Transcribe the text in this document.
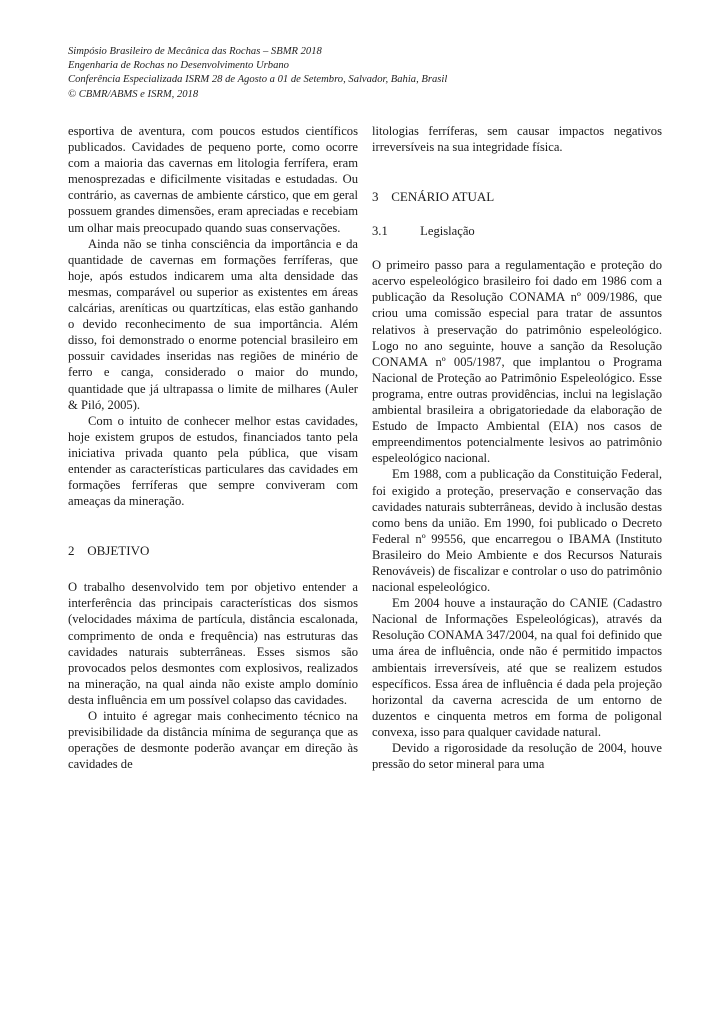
Simpósio Brasileiro de Mecânica das Rochas – SBMR 2018
Engenharia de Rochas no Desenvolvimento Urbano
Conferência Especializada ISRM 28 de Agosto a 01 de Setembro, Salvador, Bahia, Brasil
© CBMR/ABMS e ISRM, 2018

esportiva de aventura, com poucos estudos científicos publicados. Cavidades de pequeno porte, como ocorre com a maioria das cavernas em litologia ferrífera, eram menosprezadas e dificilmente visitadas e estudadas. Ou contrário, as cavernas de ambiente cárstico, que em geral possuem grandes dimensões, eram apreciadas e recebiam um olhar mais preocupado quando suas conservações.

Ainda não se tinha consciência da importância e da quantidade de cavernas em formações ferríferas, que hoje, após estudos indicarem uma alta densidade das mesmas, comparável ou superior as existentes em áreas calcárias, areníticas ou quartzíticas, elas estão ganhando o devido reconhecimento de sua importância. Além disso, foi demonstrado o enorme potencial brasileiro em possuir cavidades inseridas nas regiões de minério de ferro e canga, considerado o maior do mundo, quantidade que já ultrapassa o limite de milhares (Auler & Piló, 2005).

Com o intuito de conhecer melhor estas cavidades, hoje existem grupos de estudos, financiados tanto pela iniciativa privada quanto pela pública, que visam entender as características particulares das cavidades em formações ferríferas que sempre conviveram com ameaças da mineração.

2 OBJETIVO

O trabalho desenvolvido tem por objetivo entender a interferência das principais características dos sismos (velocidades máxima de partícula, distância escalonada, comprimento de onda e frequência) nas estruturas das cavidades naturais subterrâneas. Esses sismos são provocados pelos desmontes com explosivos, realizados na mineração, na qual ainda não existe amplo domínio desta influência em um possível colapso das cavidades.

O intuito é agregar mais conhecimento técnico na previsibilidade da distância mínima de segurança que as operações de desmonte poderão avançar em direção às cavidades de

litologias ferríferas, sem causar impactos negativos irreversíveis na sua integridade física.

3 CENÁRIO ATUAL
3.1	Legislação

O primeiro passo para a regulamentação e proteção do acervo espeleológico brasileiro foi dado em 1986 com a publicação da Resolução CONAMA nº 009/1986, que criou uma comissão especial para tratar de assuntos relativos à preservação do patrimônio espeleológico. Logo no ano seguinte, houve a sanção da Resolução CONAMA nº 005/1987, que implantou o Programa Nacional de Proteção ao Patrimônio Espeleológico. Esse programa, entre outras providências, inclui na legislação ambiental brasileira a obrigatoriedade da elaboração de Estudo de Impacto Ambiental (EIA) nos casos de empreendimentos potencialmente lesivos ao patrimônio espeleológico nacional.

Em 1988, com a publicação da Constituição Federal, foi exigido a proteção, preservação e conservação das cavidades naturais subterrâneas, devido à inclusão destas como bens da união. Em 1990, foi publicado o Decreto Federal nº 99556, que encarregou o IBAMA (Instituto Brasileiro do Meio Ambiente e dos Recursos Naturais Renováveis) de fiscalizar e controlar o uso do patrimônio nacional espeleológico.

Em 2004 houve a instauração do CANIE (Cadastro Nacional de Informações Espeleológicas), através da Resolução CONAMA 347/2004, na qual foi definido que uma área de influência, onde não é permitido impactos ambientais irreversíveis, até que se realizem estudos específicos. Essa área de influência é dada pela projeção horizontal da caverna acrescida de um entorno de duzentos e cinquenta metros em forma de poligonal convexa, isso para qualquer cavidade natural.

Devido a rigorosidade da resolução de 2004, houve pressão do setor mineral para uma
